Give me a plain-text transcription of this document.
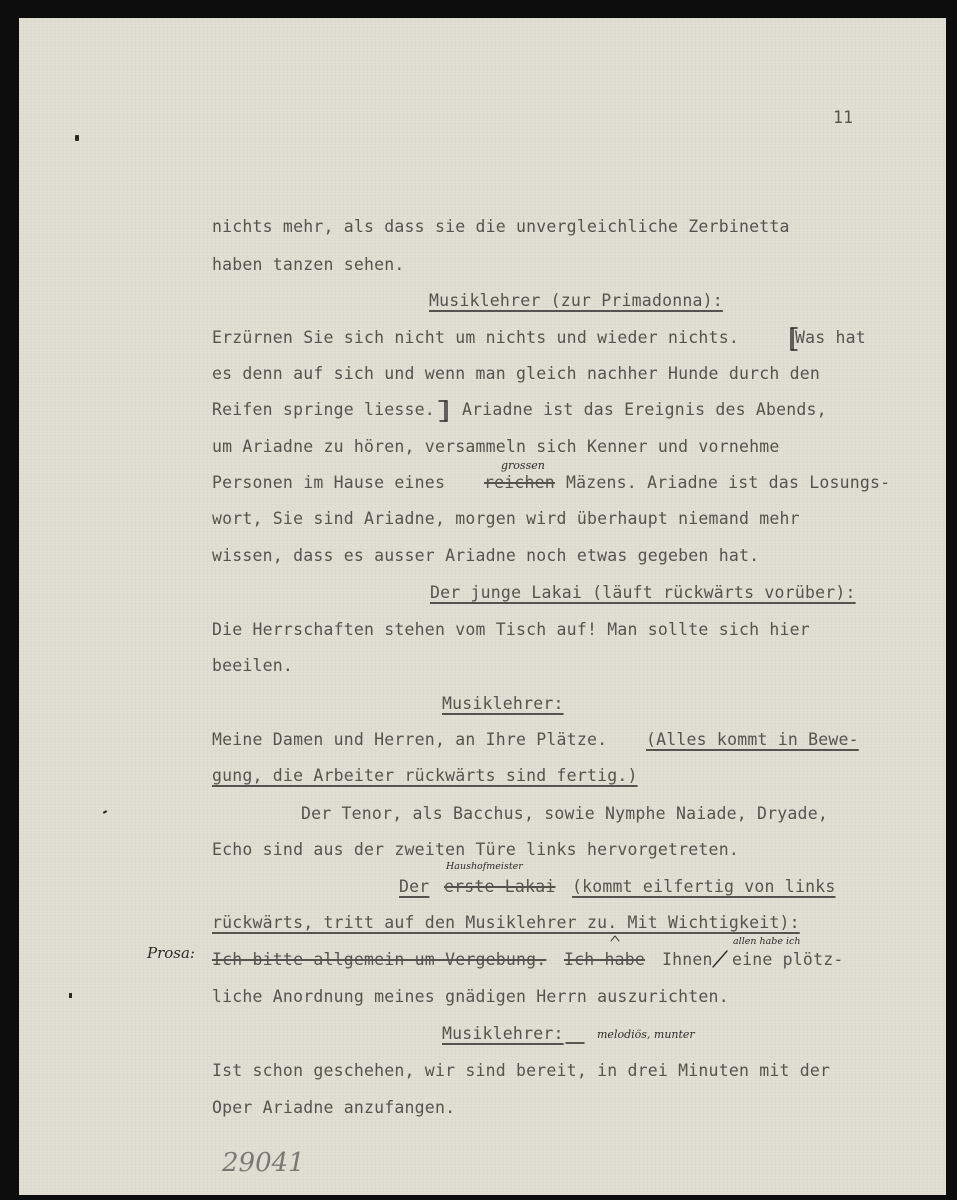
11
nichts mehr, als dass sie die unvergleichliche Zerbinetta
haben tanzen sehen.
Musiklehrer (zur Primadonna):
Erzürnen Sie sich nicht um nichts und wieder nichts.	Was hat
es denn auf sich und wenn man gleich nachher Hunde durch den
Reifen springe liesse. Ariadne ist das Ereignis des Abends,
um Ariadne zu hören, versammeln sich Kenner und vornehme
Personen im Hause eines reichen Mäzens. Ariadne ist das Losungs-
wort, Sie sind Ariadne, morgen wird überhaupt niemand mehr
wissen, dass es ausser Ariadne noch etwas gegeben hat.
Der junge Lakai (läuft rückwärts vorüber):
Die Herrschaften stehen vom Tisch auf! Man sollte sich hier
beeilen.
Musiklehrer:
Meine Damen und Herren, an Ihre Plätze. (Alles kommt in Bewe-
gung, die Arbeiter rückwärts sind fertig.)
Der Tenor, als Bacchus, sowie Nymphe Naiade, Dryade,
Echo sind aus der zweiten Türe links hervorgetreten.
Der erste Lakai (kommt eilfertig von links
rückwärts, tritt auf den Musiklehrer zu. Mit Wichtigkeit):
Ich bitte allgemein um Vergebung. Ich habe Ihnen eine plötz-
liche Anordnung meines gnädigen Herrn auszurichten.
Musiklehrer:
Ist schon geschehen, wir sind bereit, in drei Minuten mit der
Oper Ariadne anzufangen.
grossen
Haushofmeister
allen habe ich
Prosa:
melodiös, munter
29041
